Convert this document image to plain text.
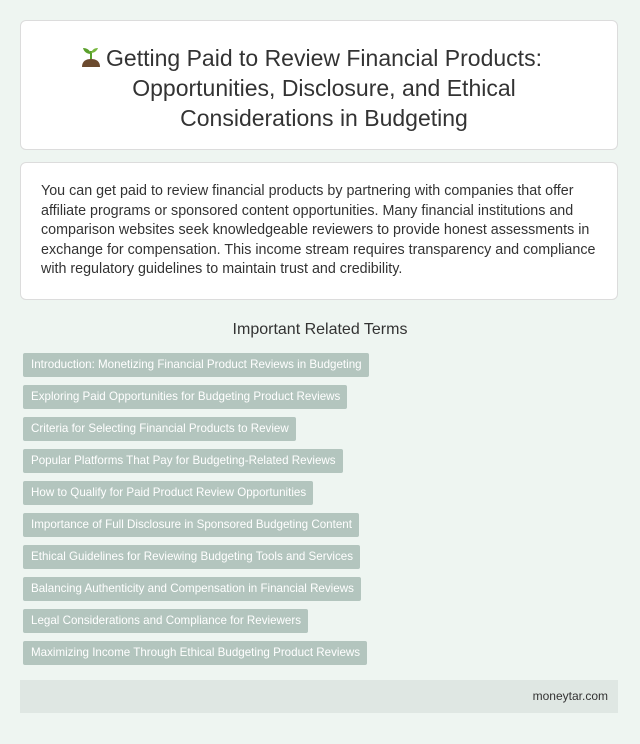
Getting Paid to Review Financial Products: Opportunities, Disclosure, and Ethical Considerations in Budgeting

You can get paid to review financial products by partnering with companies that offer affiliate programs or sponsored content opportunities. Many financial institutions and comparison websites seek knowledgeable reviewers to provide honest assessments in exchange for compensation. This income stream requires transparency and compliance with regulatory guidelines to maintain trust and credibility.

Important Related Terms
Introduction: Monetizing Financial Product Reviews in Budgeting
Exploring Paid Opportunities for Budgeting Product Reviews
Criteria for Selecting Financial Products to Review
Popular Platforms That Pay for Budgeting-Related Reviews
How to Qualify for Paid Product Review Opportunities
Importance of Full Disclosure in Sponsored Budgeting Content
Ethical Guidelines for Reviewing Budgeting Tools and Services
Balancing Authenticity and Compensation in Financial Reviews
Legal Considerations and Compliance for Reviewers
Maximizing Income Through Ethical Budgeting Product Reviews
moneytar.com
